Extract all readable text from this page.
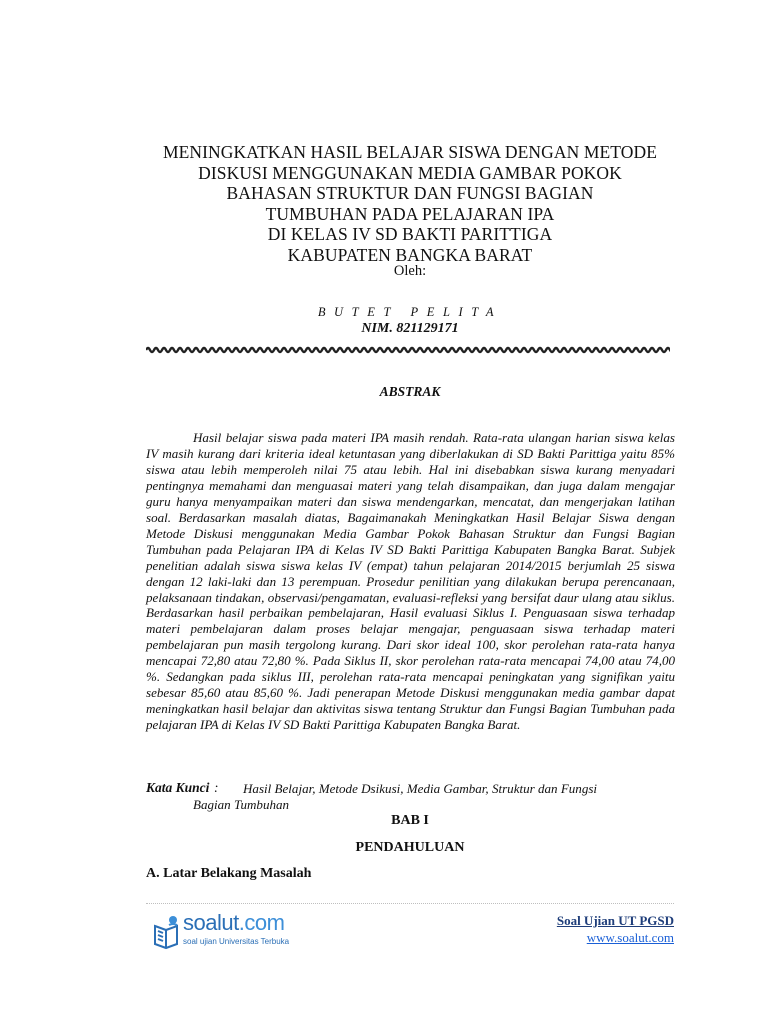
MENINGKATKAN HASIL BELAJAR SISWA DENGAN METODE
DISKUSI MENGGUNAKAN MEDIA GAMBAR POKOK
BAHASAN STRUKTUR DAN FUNGSI BAGIAN
TUMBUHAN PADA PELAJARAN IPA
DI KELAS IV SD BAKTI PARITTIGA
KABUPATEN BANGKA BARAT
Oleh:
BUTET PELITA
NIM. 821129171
ABSTRAK

Hasil belajar siswa pada materi IPA masih rendah. Rata-rata ulangan harian siswa kelas IV masih kurang dari kriteria ideal ketuntasan yang diberlakukan di SD Bakti Parittiga yaitu 85% siswa atau lebih memperoleh nilai 75 atau lebih. Hal ini disebabkan siswa kurang menyadari pentingnya memahami dan menguasai materi yang telah disampaikan, dan juga dalam mengajar guru hanya menyampaikan materi dan siswa mendengarkan, mencatat, dan mengerjakan latihan soal. Berdasarkan masalah diatas, Bagaimanakah Meningkatkan Hasil Belajar Siswa dengan Metode Diskusi menggunakan Media Gambar Pokok Bahasan Struktur dan Fungsi Bagian Tumbuhan pada Pelajaran IPA di Kelas IV SD Bakti Parittiga Kabupaten Bangka Barat. Subjek penelitian adalah siswa siswa kelas IV (empat) tahun pelajaran 2014/2015 berjumlah 25 siswa dengan 12 laki-laki dan 13 perempuan. Prosedur penilitian yang dilakukan berupa perencanaan, pelaksanaan tindakan, observasi/pengamatan, evaluasi-refleksi yang bersifat daur ulang atau siklus. Berdasarkan hasil perbaikan pembelajaran, Hasil evaluasi Siklus I. Penguasaan siswa terhadap materi pembelajaran dalam proses belajar mengajar, penguasaan siswa terhadap materi pembelajaran pun masih tergolong kurang. Dari skor ideal 100, skor perolehan rata-rata hanya mencapai 72,80 atau 72,80 %. Pada Siklus II, skor perolehan rata-rata mencapai 74,00 atau 74,00 %. Sedangkan pada siklus III, perolehan rata-rata mencapai peningkatan yang signifikan yaitu sebesar 85,60 atau 85,60 %. Jadi penerapan Metode Diskusi menggunakan media gambar dapat meningkatkan hasil belajar dan aktivitas siswa tentang Struktur dan Fungsi Bagian Tumbuhan pada pelajaran IPA di Kelas IV SD Bakti Parittiga Kabupaten Bangka Barat.

Kata Kunci : Hasil Belajar, Metode Dsikusi, Media Gambar, Struktur dan Fungsi
Bagian Tumbuhan
BAB I
PENDAHULUAN
A. Latar Belakang Masalah
soalut.com
soal ujian Universitas Terbuka
Soal Ujian UT PGSD
www.soalut.com
